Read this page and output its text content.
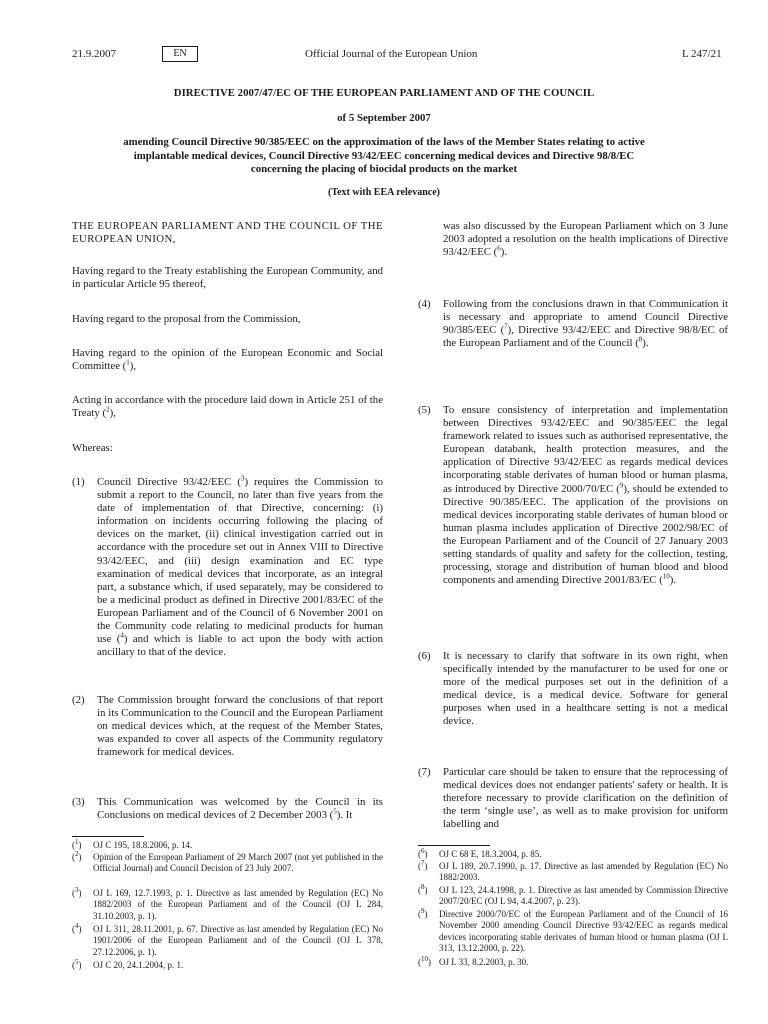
21.9.2007	EN	Official Journal of the European Union	L 247/21
DIRECTIVE 2007/47/EC OF THE EUROPEAN PARLIAMENT AND OF THE COUNCIL
of 5 September 2007
amending Council Directive 90/385/EEC on the approximation of the laws of the Member States relating to active implantable medical devices, Council Directive 93/42/EEC concerning medical devices and Directive 98/8/EC concerning the placing of biocidal products on the market
(Text with EEA relevance)
THE EUROPEAN PARLIAMENT AND THE COUNCIL OF THE EUROPEAN UNION,
Having regard to the Treaty establishing the European Community, and in particular Article 95 thereof,
Having regard to the proposal from the Commission,
Having regard to the opinion of the European Economic and Social Committee ($^1$),
Acting in accordance with the procedure laid down in Article 251 of the Treaty ($^2$),
Whereas:
(1)	Council Directive 93/42/EEC ($^3$) requires the Commission to submit a report to the Council, no later than five years from the date of implementation of that Directive, concerning: (i) information on incidents occurring following the placing of devices on the market, (ii) clinical investigation carried out in accordance with the procedure set out in Annex VIII to Directive 93/42/EEC, and (iii) design examination and EC type examination of medical devices that incorporate, as an integral part, a substance which, if used separately, may be considered to be a medicinal product as defined in Directive 2001/83/EC of the European Parliament and of the Council of 6 November 2001 on the Community code relating to medicinal products for human use ($^4$) and which is liable to act upon the body with action ancillary to that of the device.
(2)	The Commission brought forward the conclusions of that report in its Communication to the Council and the European Parliament on medical devices which, at the request of the Member States, was expanded to cover all aspects of the Community regulatory framework for medical devices.
(3)	This Communication was welcomed by the Council in its Conclusions on medical devices of 2 December 2003 ($^5$). It
was also discussed by the European Parliament which on 3 June 2003 adopted a resolution on the health implications of Directive 93/42/EEC ($^6$).
(4)	Following from the conclusions drawn in that Communication it is necessary and appropriate to amend Council Directive 90/385/EEC ($^7$), Directive 93/42/EEC and Directive 98/8/EC of the European Parliament and of the Council ($^8$).
(5)	To ensure consistency of interpretation and implementation between Directives 93/42/EEC and 90/385/EEC the legal framework related to issues such as authorised representative, the European databank, health protection measures, and the application of Directive 93/42/EEC as regards medical devices incorporating stable derivates of human blood or human plasma, as introduced by Directive 2000/70/EC ($^9$), should be extended to Directive 90/385/EEC. The application of the provisions on medical devices incorporating stable derivates of human blood or human plasma includes application of Directive 2002/98/EC of the European Parliament and of the Council of 27 January 2003 setting standards of quality and safety for the collection, testing, processing, storage and distribution of human blood and blood components and amending Directive 2001/83/EC ($^{10}$).
(6)	It is necessary to clarify that software in its own right, when specifically intended by the manufacturer to be used for one or more of the medical purposes set out in the definition of a medical device, is a medical device. Software for general purposes when used in a healthcare setting is not a medical device.
(7)	Particular care should be taken to ensure that the reprocessing of medical devices does not endanger patients' safety or health. It is therefore necessary to provide clarification on the definition of the term ‘single use’, as well as to make provision for uniform labelling and
($^1$) OJ C 195, 18.8.2006, p. 14.
($^2$) Opinion of the European Parliament of 29 March 2007 (not yet published in the Official Journal) and Council Decision of 23 July 2007.
($^3$) OJ L 169, 12.7.1993, p. 1. Directive as last amended by Regulation (EC) No 1882/2003 of the European Parliament and of the Council (OJ L 284, 31.10.2003, p. 1).
($^4$) OJ L 311, 28.11.2001, p. 67. Directive as last amended by Regulation (EC) No 1901/2006 of the European Parliament and of the Council (OJ L 378, 27.12.2006, p. 1).
($^5$) OJ C 20, 24.1.2004, p. 1.
($^6$) OJ C 68 E, 18.3.2004, p. 85.
($^7$) OJ L 189, 20.7.1990, p. 17. Directive as last amended by Regulation (EC) No 1882/2003.
($^8$) OJ L 123, 24.4.1998, p. 1. Directive as last amended by Commission Directive 2007/20/EC (OJ L 94, 4.4.2007, p. 23).
($^9$) Directive 2000/70/EC of the European Parliament and of the Council of 16 November 2000 amending Council Directive 93/42/EEC as regards medical devices incorporating stable derivates of human blood or human plasma (OJ L 313, 13.12.2000, p. 22).
($^{10}$) OJ L 33, 8.2.2003, p. 30.
